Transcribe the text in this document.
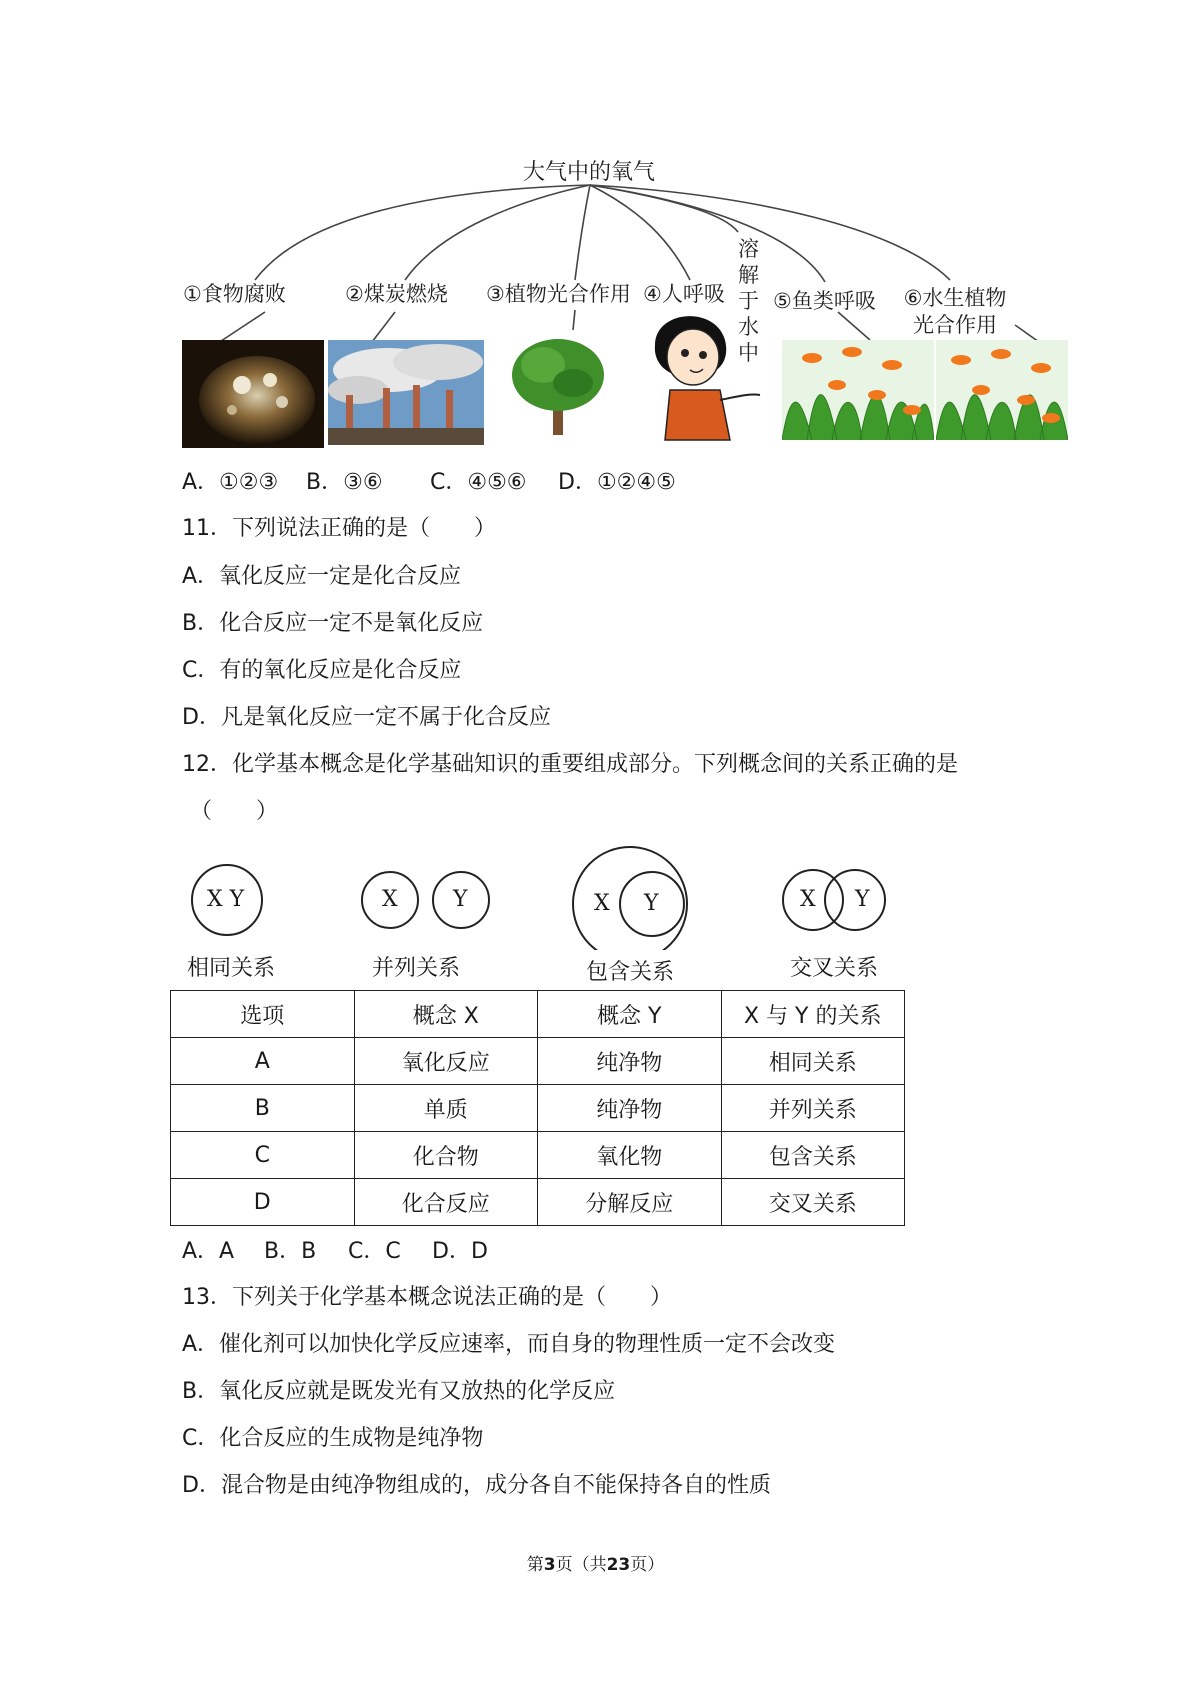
大气中的氧气
①食物腐败	②煤炭燃烧 ③植物光合作用 ④人呼吸
溶解于水中
⑤鱼类呼吸 ⑥水生植物光合作用
A．①②③ B．③⑥ C．④⑤⑥ D．①②④⑤
11．下列说法正确的是（　　）
A．氧化反应一定是化合反应
B．化合反应一定不是氧化反应
C．有的氧化反应是化合反应
D．凡是氧化反应一定不属于化合反应
12．化学基本概念是化学基础知识的重要组成部分。下列概念间的关系正确的是
（　　）
X Y	X	Y	X Y	X Y
相同关系	并列关系	包含关系	交叉关系
选项	概念 X	概念 Y	X 与 Y 的关系
A	氧化反应	纯净物	相同关系
B	单质	纯净物	并列关系
C	化合物	氧化物	包含关系
D	化合反应	分解反应	交叉关系
A．A B．B C．C D．D
13．下列关于化学基本概念说法正确的是（　　）
A．催化剂可以加快化学反应速率，而自身的物理性质一定不会改变
B．氧化反应就是既发光有又放热的化学反应
C．化合反应的生成物是纯净物
D．混合物是由纯净物组成的，成分各自不能保持各自的性质
第3页（共23页）
